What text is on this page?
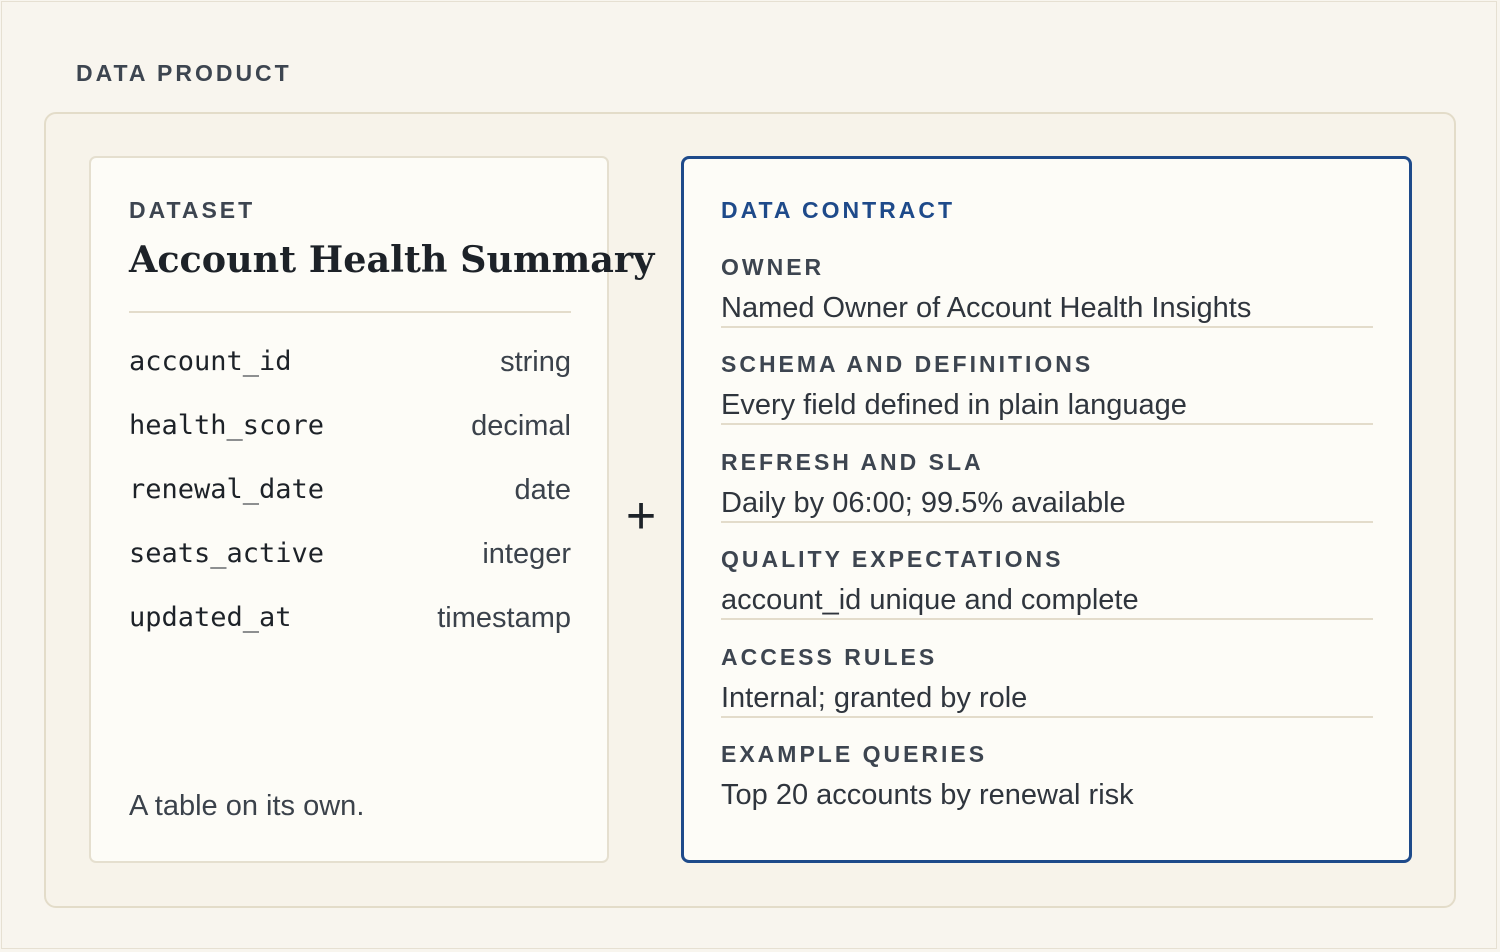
DATA PRODUCT
DATASET
Account Health Summary
account_id	string
health_score	decimal
renewal_date	date
seats_active	integer
updated_at	timestamp
A table on its own.
+
DATA CONTRACT
OWNER
Named Owner of Account Health Insights
SCHEMA AND DEFINITIONS
Every field defined in plain language
REFRESH AND SLA
Daily by 06:00; 99.5% available
QUALITY EXPECTATIONS
account_id unique and complete
ACCESS RULES
Internal; granted by role
EXAMPLE QUERIES
Top 20 accounts by renewal risk
